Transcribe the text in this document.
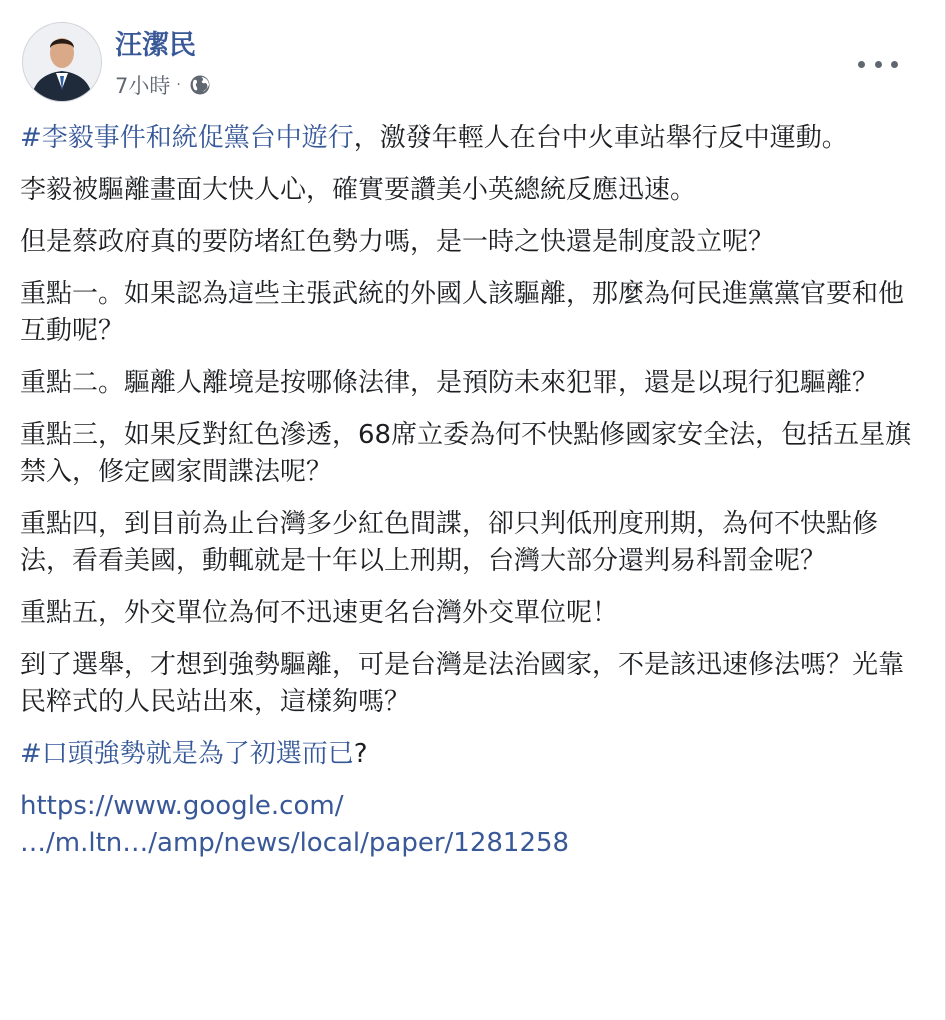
汪潔民
7小時 ·

#李毅事件和統促黨台中遊行，激發年輕人在台中火車站舉行反中運動。

李毅被驅離畫面大快人心，確實要讚美小英總統反應迅速。

但是蔡政府真的要防堵紅色勢力嗎，是一時之快還是制度設立呢？

重點一。如果認為這些主張武統的外國人該驅離，那麼為何民進黨黨官要和他互動呢？

重點二。驅離人離境是按哪條法律，是預防未來犯罪，還是以現行犯驅離？

重點三，如果反對紅色滲透，68席立委為何不快點修國家安全法，包括五星旗禁入，修定國家間諜法呢？

重點四，到目前為止台灣多少紅色間諜，卻只判低刑度刑期，為何不快點修法，看看美國，動輒就是十年以上刑期，台灣大部分還判易科罰金呢？

重點五，外交單位為何不迅速更名台灣外交單位呢！

到了選舉，才想到強勢驅離，可是台灣是法治國家，不是該迅速修法嗎？光靠民粹式的人民站出來，這樣夠嗎？

#口頭強勢就是為了初選而已?

https://www.google.com/
…/m.ltn…/amp/news/local/paper/1281258
